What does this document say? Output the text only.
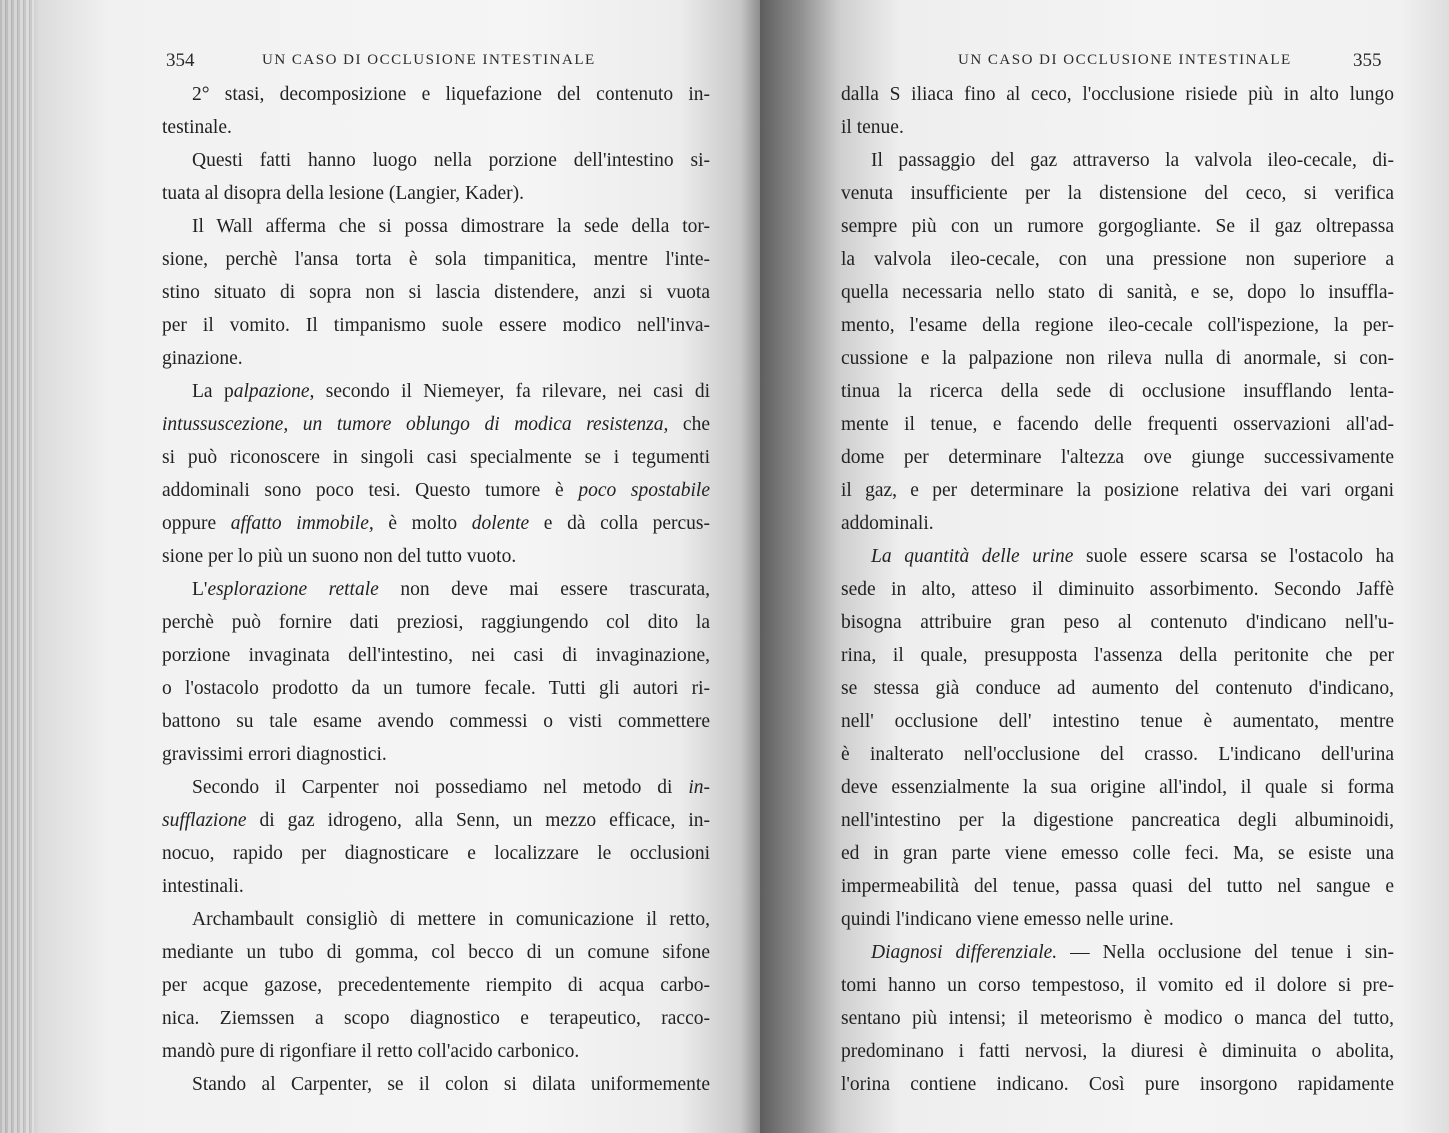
354	UN CASO DI OCCLUSIONE INTESTINALE
2° stasi, decomposizione e liquefazione del contenuto in-
testinale.
Questi fatti hanno luogo nella porzione dell'intestino si-
tuata al disopra della lesione (Langier, Kader).
Il Wall afferma che si possa dimostrare la sede della tor-
sione, perchè l'ansa torta è sola timpanitica, mentre l'inte-
stino situato di sopra non si lascia distendere, anzi si vuota
per il vomito. Il timpanismo suole essere modico nell'inva-
ginazione.
La palpazione, secondo il Niemeyer, fa rilevare, nei casi di
intussuscezione, un tumore oblungo di modica resistenza, che
si può riconoscere in singoli casi specialmente se i tegumenti
addominali sono poco tesi. Questo tumore è poco spostabile
oppure affatto immobile, è molto dolente e dà colla percus-
sione per lo più un suono non del tutto vuoto.
L'esplorazione rettale non deve mai essere trascurata,
perchè può fornire dati preziosi, raggiungendo col dito la
porzione invaginata dell'intestino, nei casi di invaginazione,
o l'ostacolo prodotto da un tumore fecale. Tutti gli autori ri-
battono su tale esame avendo commessi o visti commettere
gravissimi errori diagnostici.
Secondo il Carpenter noi possediamo nel metodo di in-
sufflazione di gaz idrogeno, alla Senn, un mezzo efficace, in-
nocuo, rapido per diagnosticare e localizzare le occlusioni
intestinali.
Archambault consigliò di mettere in comunicazione il retto,
mediante un tubo di gomma, col becco di un comune sifone
per acque gazose, precedentemente riempito di acqua carbo-
nica. Ziemssen a scopo diagnostico e terapeutico, racco-
mandò pure di rigonfiare il retto coll'acido carbonico.
Stando al Carpenter, se il colon si dilata uniformemente
UN CASO DI OCCLUSIONE INTESTINALE	355
dalla S iliaca fino al ceco, l'occlusione risiede più in alto lungo
il tenue.
Il passaggio del gaz attraverso la valvola ileo-cecale, di-
venuta insufficiente per la distensione del ceco, si verifica
sempre più con un rumore gorgogliante. Se il gaz oltrepassa
la valvola ileo-cecale, con una pressione non superiore a
quella necessaria nello stato di sanità, e se, dopo lo insuffla-
mento, l'esame della regione ileo-cecale coll'ispezione, la per-
cussione e la palpazione non rileva nulla di anormale, si con-
tinua la ricerca della sede di occlusione insufflando lenta-
mente il tenue, e facendo delle frequenti osservazioni all'ad-
dome per determinare l'altezza ove giunge successivamente
il gaz, e per determinare la posizione relativa dei vari organi
addominali.
La quantità delle urine suole essere scarsa se l'ostacolo ha
sede in alto, atteso il diminuito assorbimento. Secondo Jaffè
bisogna attribuire gran peso al contenuto d'indicano nell'u-
rina, il quale, presupposta l'assenza della peritonite che per
se stessa già conduce ad aumento del contenuto d'indicano,
nell' occlusione dell' intestino tenue è aumentato, mentre
è inalterato nell'occlusione del crasso. L'indicano dell'urina
deve essenzialmente la sua origine all'indol, il quale si forma
nell'intestino per la digestione pancreatica degli albuminoidi,
ed in gran parte viene emesso colle feci. Ma, se esiste una
impermeabilità del tenue, passa quasi del tutto nel sangue e
quindi l'indicano viene emesso nelle urine.
Diagnosi differenziale. — Nella occlusione del tenue i sin-
tomi hanno un corso tempestoso, il vomito ed il dolore si pre-
sentano più intensi; il meteorismo è modico o manca del tutto,
predominano i fatti nervosi, la diuresi è diminuita o abolita,
l'orina contiene indicano. Così pure insorgono rapidamente
